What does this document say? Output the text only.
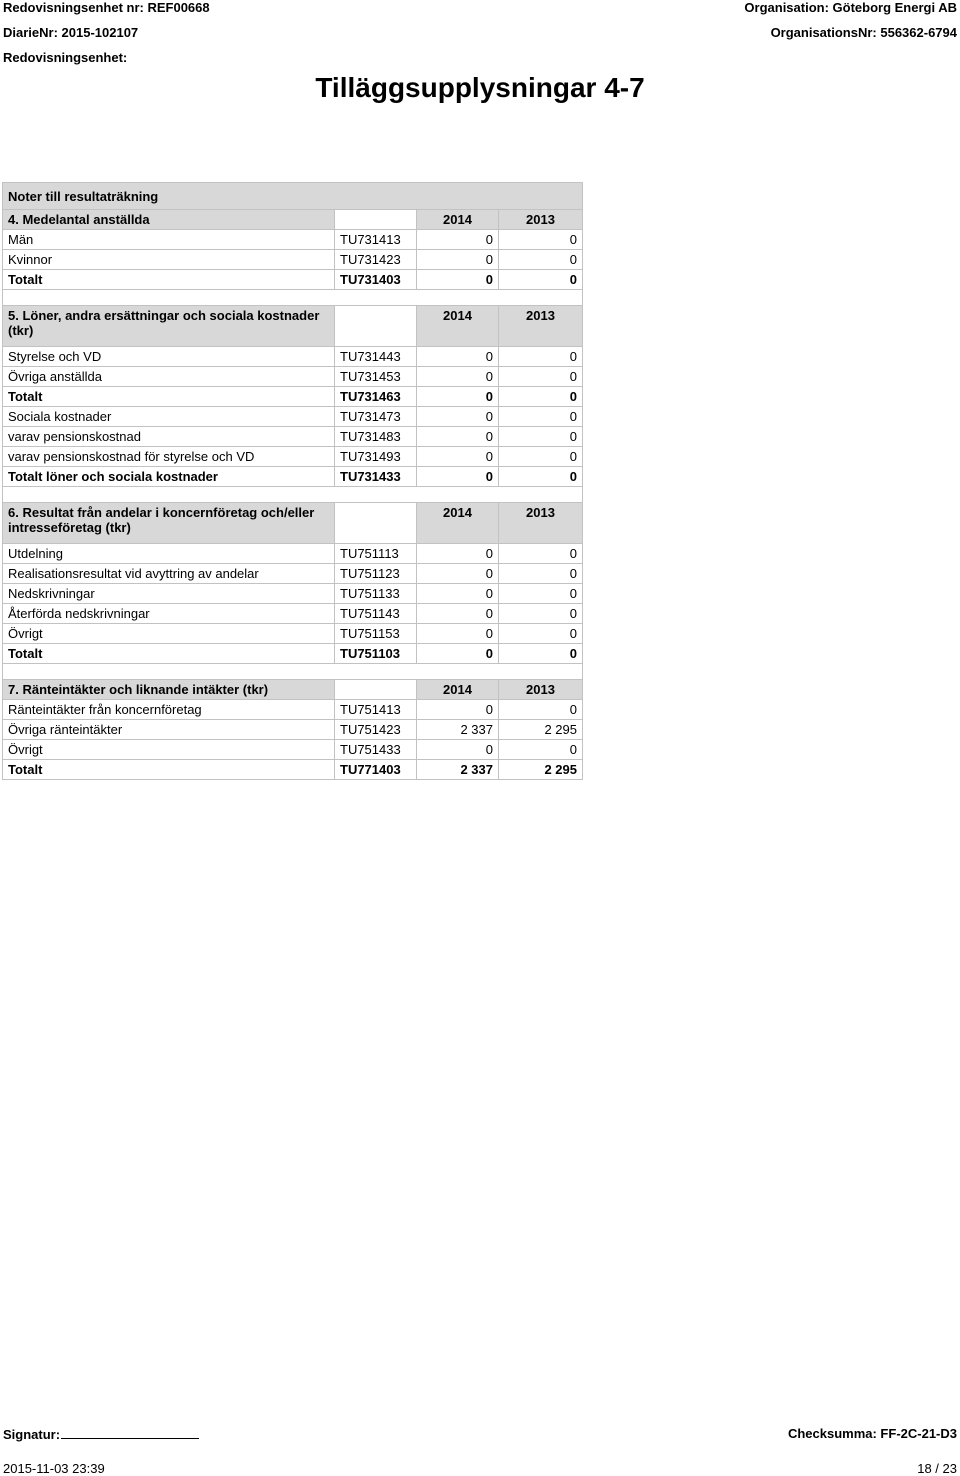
Redovisningsenhet nr: REF00668
DiarieNr: 2015-102107
Redovisningsenhet:
Organisation: Göteborg Energi AB
OrganisationsNr: 556362-6794
Tilläggsupplysningar 4-7
Noter till resultaträkning			
4. Medelantal anställda		2014	2013
Män	TU731413	0	0
Kvinnor	TU731423	0	0
Totalt	TU731403	0	0

5. Löner, andra ersättningar och sociala kostnader (tkr)		2014	2013
Styrelse och VD	TU731443	0	0
Övriga anställda	TU731453	0	0
Totalt	TU731463	0	0
Sociala kostnader	TU731473	0	0
varav pensionskostnad	TU731483	0	0
varav pensionskostnad för styrelse och VD	TU731493	0	0
Totalt löner och sociala kostnader	TU731433	0	0

6. Resultat från andelar i koncernföretag och/eller intresseföretag (tkr)		2014	2013
Utdelning	TU751113	0	0
Realisationsresultat vid avyttring av andelar	TU751123	0	0
Nedskrivningar	TU751133	0	0
Återförda nedskrivningar	TU751143	0	0
Övrigt	TU751153	0	0
Totalt	TU751103	0	0

7. Ränteintäkter och liknande intäkter (tkr)		2014	2013
Ränteintäkter från koncernföretag	TU751413	0	0
Övriga ränteintäkter	TU751423	2 337	2 295
Övrigt	TU751433	0	0
Totalt	TU771403	2 337	2 295
Signatur:	Checksumma: FF-2C-21-D3
2015-11-03 23:39	18 / 23
